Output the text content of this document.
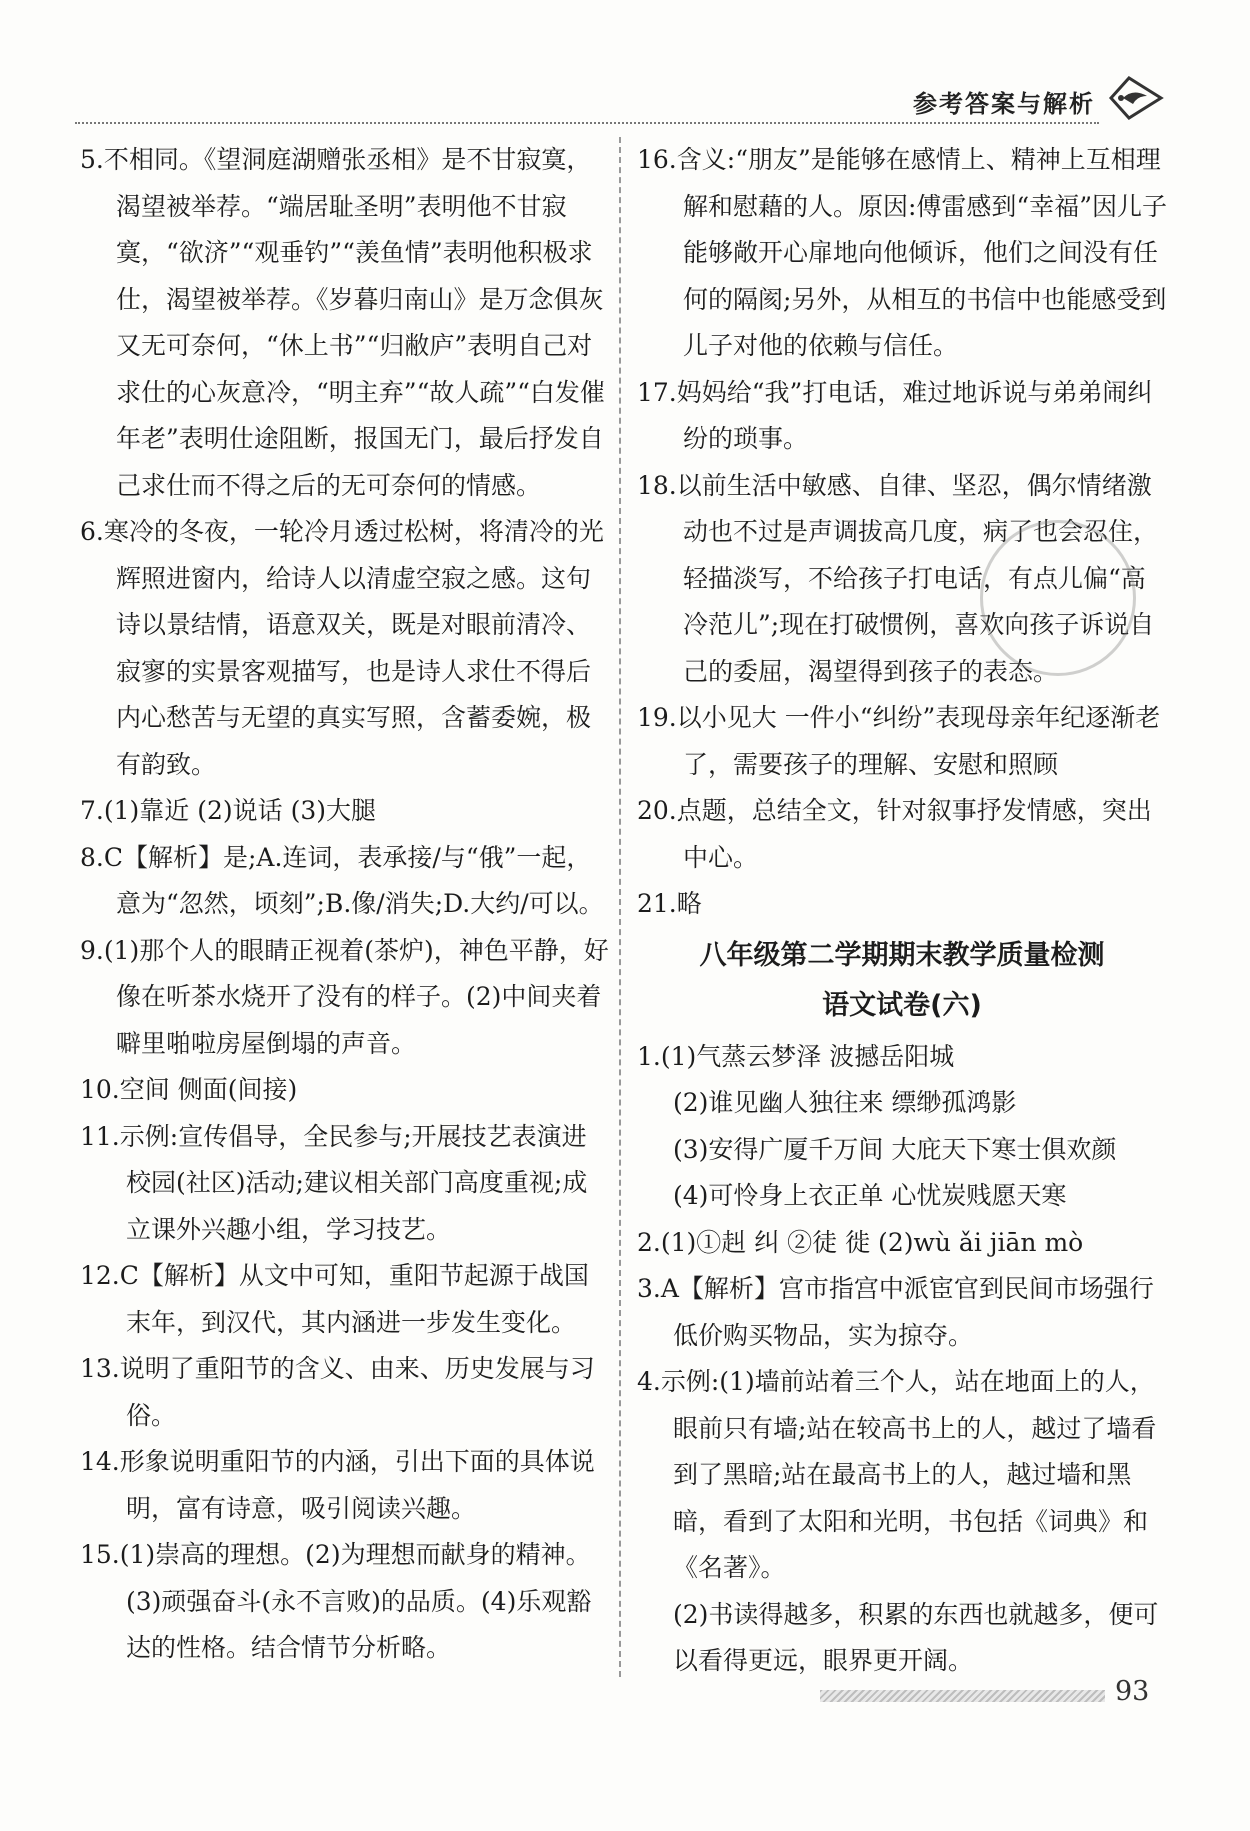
参考答案与解析

5.不相同。《望洞庭湖赠张丞相》是不甘寂寞，渴望被举荐。“端居耻圣明”表明他不甘寂寞，“欲济”“观垂钓”“羡鱼情”表明他积极求仕，渴望被举荐。《岁暮归南山》是万念俱灰又无可奈何，“休上书”“归敝庐”表明自己对求仕的心灰意冷，“明主弃”“故人疏”“白发催年老”表明仕途阻断，报国无门，最后抒发自己求仕而不得之后的无可奈何的情感。

6.寒冷的冬夜，一轮冷月透过松树，将清冷的光辉照进窗内，给诗人以清虚空寂之感。这句诗以景结情，语意双关，既是对眼前清冷、寂寥的实景客观描写，也是诗人求仕不得后内心愁苦与无望的真实写照，含蓄委婉，极有韵致。

7.(1)靠近 (2)说话 (3)大腿

8.C【解析】是;A.连词，表承接/与“俄”一起，意为“忽然，顷刻”;B.像/消失;D.大约/可以。

9.(1)那个人的眼睛正视着(茶炉)，神色平静，好像在听茶水烧开了没有的样子。(2)中间夹着噼里啪啦房屋倒塌的声音。

10.空间 侧面(间接)

11.示例:宣传倡导，全民参与;开展技艺表演进校园(社区)活动;建议相关部门高度重视;成立课外兴趣小组，学习技艺。

12.C【解析】从文中可知，重阳节起源于战国末年，到汉代，其内涵进一步发生变化。

13.说明了重阳节的含义、由来、历史发展与习俗。

14.形象说明重阳节的内涵，引出下面的具体说明，富有诗意，吸引阅读兴趣。

15.(1)崇高的理想。(2)为理想而献身的精神。(3)顽强奋斗(永不言败)的品质。(4)乐观豁达的性格。结合情节分析略。

16.含义:“朋友”是能够在感情上、精神上互相理解和慰藉的人。原因:傅雷感到“幸福”因儿子能够敞开心扉地向他倾诉，他们之间没有任何的隔阂;另外，从相互的书信中也能感受到儿子对他的依赖与信任。

17.妈妈给“我”打电话，难过地诉说与弟弟闹纠纷的琐事。

18.以前生活中敏感、自律、坚忍，偶尔情绪激动也不过是声调拔高几度，病了也会忍住，轻描淡写，不给孩子打电话，有点儿偏“高冷范儿”;现在打破惯例，喜欢向孩子诉说自己的委屈，渴望得到孩子的表态。

19.以小见大 一件小“纠纷”表现母亲年纪逐渐老了，需要孩子的理解、安慰和照顾

20.点题，总结全文，针对叙事抒发情感，突出中心。

21.略

八年级第二学期期末教学质量检测
语文试卷(六)

1.(1)气蒸云梦泽 波撼岳阳城

(2)谁见幽人独往来 缥缈孤鸿影

(3)安得广厦千万间 大庇天下寒士俱欢颜

(4)可怜身上衣正单 心忧炭贱愿天寒

2.(1)①赳 纠 ②徒 徙 (2)wù ǎi jiān mò

3.A【解析】宫市指宫中派宦官到民间市场强行低价购买物品，实为掠夺。

4.示例:(1)墙前站着三个人，站在地面上的人，眼前只有墙;站在较高书上的人，越过了墙看到了黑暗;站在最高书上的人，越过墙和黑暗，看到了太阳和光明，书包括《词典》和《名著》。

(2)书读得越多，积累的东西也就越多，便可以看得更远，眼界更开阔。

93
